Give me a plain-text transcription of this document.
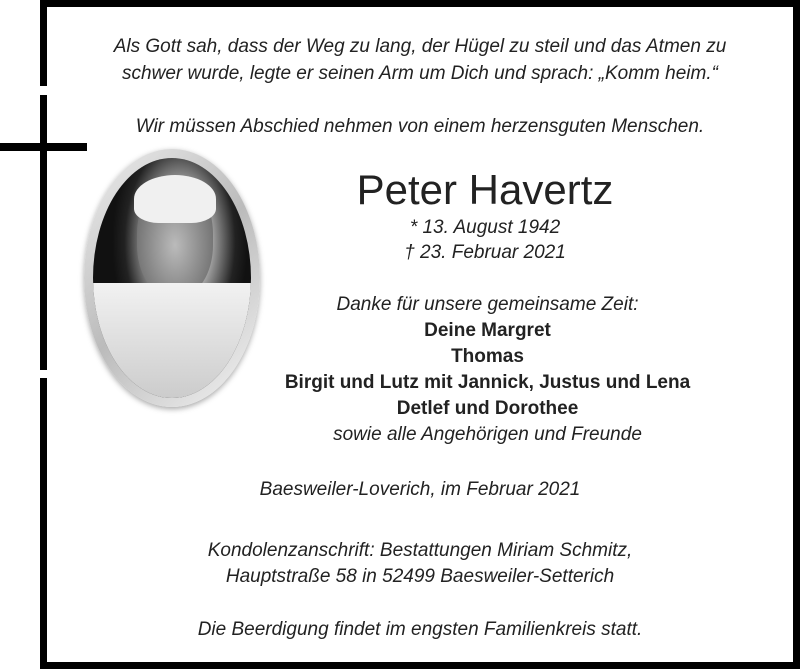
Als Gott sah, dass der Weg zu lang, der Hügel zu steil und das Atmen zu
schwer wurde, legte er seinen Arm um Dich und sprach: „Komm heim.“
Wir müssen Abschied nehmen von einem herzensguten Menschen.
Peter Havertz
* 13. August 1942
† 23. Februar 2021
Danke für unsere gemeinsame Zeit:
Deine Margret
Thomas
Birgit und Lutz mit Jannick, Justus und Lena
Detlef und Dorothee
sowie alle Angehörigen und Freunde
Baesweiler-Loverich, im Februar 2021
Kondolenzanschrift: Bestattungen Miriam Schmitz,
Hauptstraße 58 in 52499 Baesweiler-Setterich
Die Beerdigung findet im engsten Familienkreis statt.
